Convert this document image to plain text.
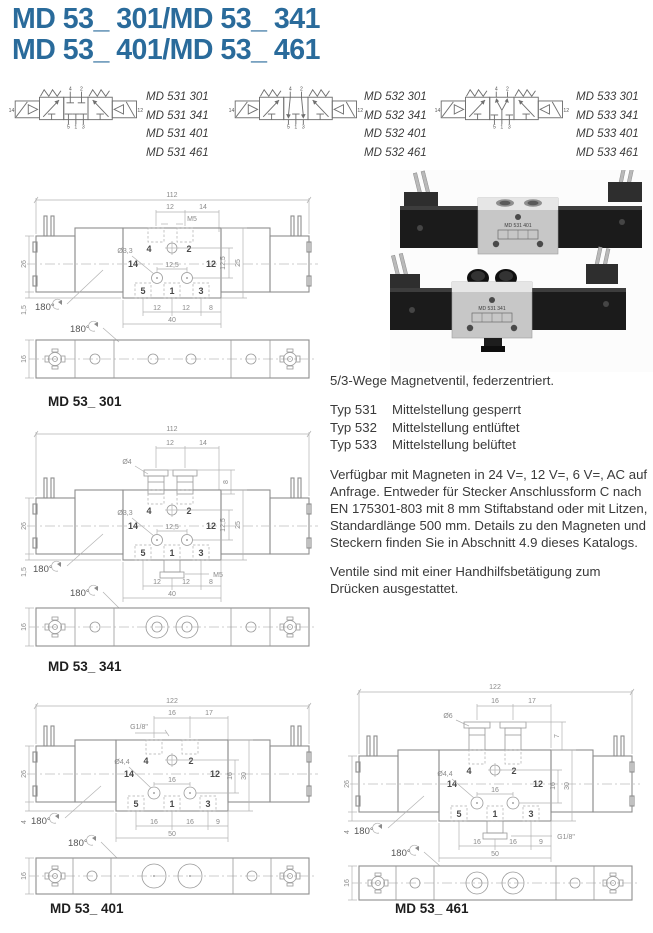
MD 53_ 301/MD 53_ 341
MD 53_ 401/MD 53_ 461
14	12
4 2
5 1 3
MD 531 301
MD 531 341
MD 531 401
MD 531 461
14	12
4 2
5 1 3
MD 532 301
MD 532 341
MD 532 401
MD 532 461
14	12
4 2
5 1 3
MD 533 301
MD 533 341
MD 533 401
MD 533 461
MD 531 401
MD 531 341

5/3-Wege Magnetventil, federzentriert.

Typ 531 Mittelstellung gesperrt
Typ 532 Mittelstellung entlüftet
Typ 533 Mittelstellung belüftet

Verfügbar mit Magneten in 24 V=, 12 V=, 6 V=, AC auf Anfrage. Entweder für Stecker Anschlussform C nach EN 175301-803 mit 8 mm Stiftabstand oder mit Litzen, Standardlänge 500 mm. Details zu den Magneten und Steckern finden Sie in Abschnitt 4.9 dieses Katalogs.

Ventile sind mit einer Handhilfsbetätigung zum Drücken ausgestattet.

112
12	14
M5
4	2
14	12
Ø3,3
12,5
5	1	3
12,5 25
26
1,5	12	12	8
40
180°
180°
16
MD 53_ 301
112
12	14
Ø4
8
4	2
14	12
Ø3,3
12,5
5	1	3
12,5 25
26
1,5	M5
12	12	8
40
180°
180°
16
MD 53_ 341
122
16	17
G1/8"
4	2
14	12
Ø4,4
16
5	1	3
16 30
26
4	16	16	9
50
180°
180°
16
MD 53_ 401
122
16	17
Ø6
7
4	2
14	12
Ø4,4
16
5	1	3
16 30
26
4
G1/8"
16	16	9
50
180°
180°
16
MD 53_ 461
